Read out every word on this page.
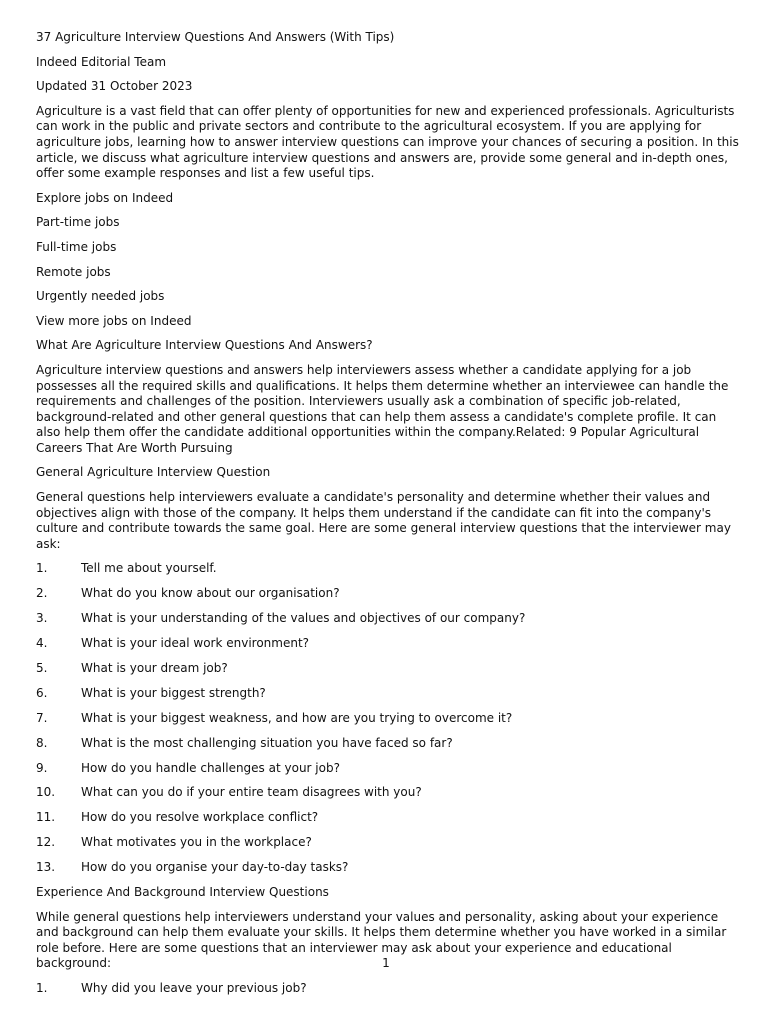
37 Agriculture Interview Questions And Answers (With Tips)

Indeed Editorial Team

Updated 31 October 2023

Agriculture is a vast field that can offer plenty of opportunities for new and experienced professionals. Agriculturists can work in the public and private sectors and contribute to the agricultural ecosystem. If you are applying for agriculture jobs, learning how to answer interview questions can improve your chances of securing a position. In this article, we discuss what agriculture interview questions and answers are, provide some general and in-depth ones, offer some example responses and list a few useful tips.

Explore jobs on Indeed

Part-time jobs

Full-time jobs

Remote jobs

Urgently needed jobs

View more jobs on Indeed

What Are Agriculture Interview Questions And Answers?

Agriculture interview questions and answers help interviewers assess whether a candidate applying for a job possesses all the required skills and qualifications. It helps them determine whether an interviewee can handle the requirements and challenges of the position. Interviewers usually ask a combination of specific job-related, background-related and other general questions that can help them assess a candidate's complete profile. It can also help them offer the candidate additional opportunities within the company.Related: 9 Popular Agricultural Careers That Are Worth Pursuing

General Agriculture Interview Question

General questions help interviewers evaluate a candidate's personality and determine whether their values and objectives align with those of the company. It helps them understand if the candidate can fit into the company's culture and contribute towards the same goal. Here are some general interview questions that the interviewer may ask:

1.	Tell me about yourself.
2.	What do you know about our organisation?
3.	What is your understanding of the values and objectives of our company?
4.	What is your ideal work environment?
5.	What is your dream job?
6.	What is your biggest strength?
7.	What is your biggest weakness, and how are you trying to overcome it?
8.	What is the most challenging situation you have faced so far?
9.	How do you handle challenges at your job?
10.	What can you do if your entire team disagrees with you?
11.	How do you resolve workplace conflict?
12.	What motivates you in the workplace?
13.	How do you organise your day-to-day tasks?

Experience And Background Interview Questions

While general questions help interviewers understand your values and personality, asking about your experience and background can help them evaluate your skills. It helps them determine whether you have worked in a similar role before. Here are some questions that an interviewer may ask about your experience and educational background:

1.	Why did you leave your previous job?
1
